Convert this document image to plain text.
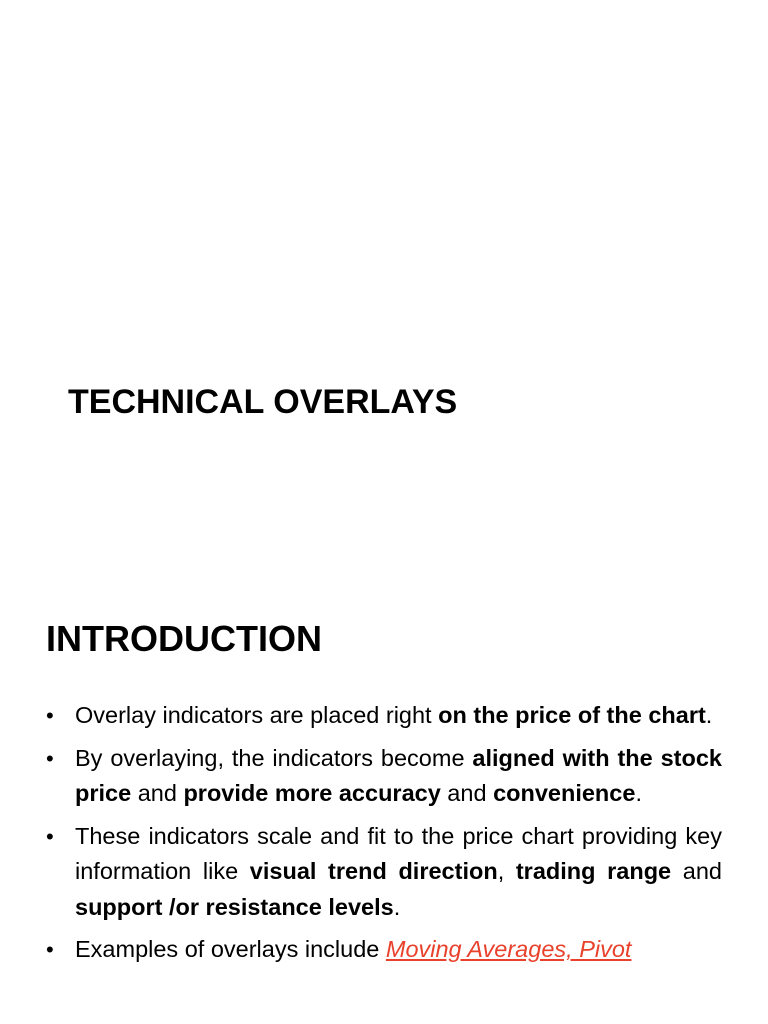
TECHNICAL OVERLAYS
INTRODUCTION
• Overlay indicators are placed right on the price of the chart.
• By overlaying, the indicators become aligned with the stock price and provide more accuracy and convenience.
• These indicators scale and fit to the price chart providing key information like visual trend direction, trading range and support /or resistance levels.
• Examples of overlays include Moving Averages, Pivot
